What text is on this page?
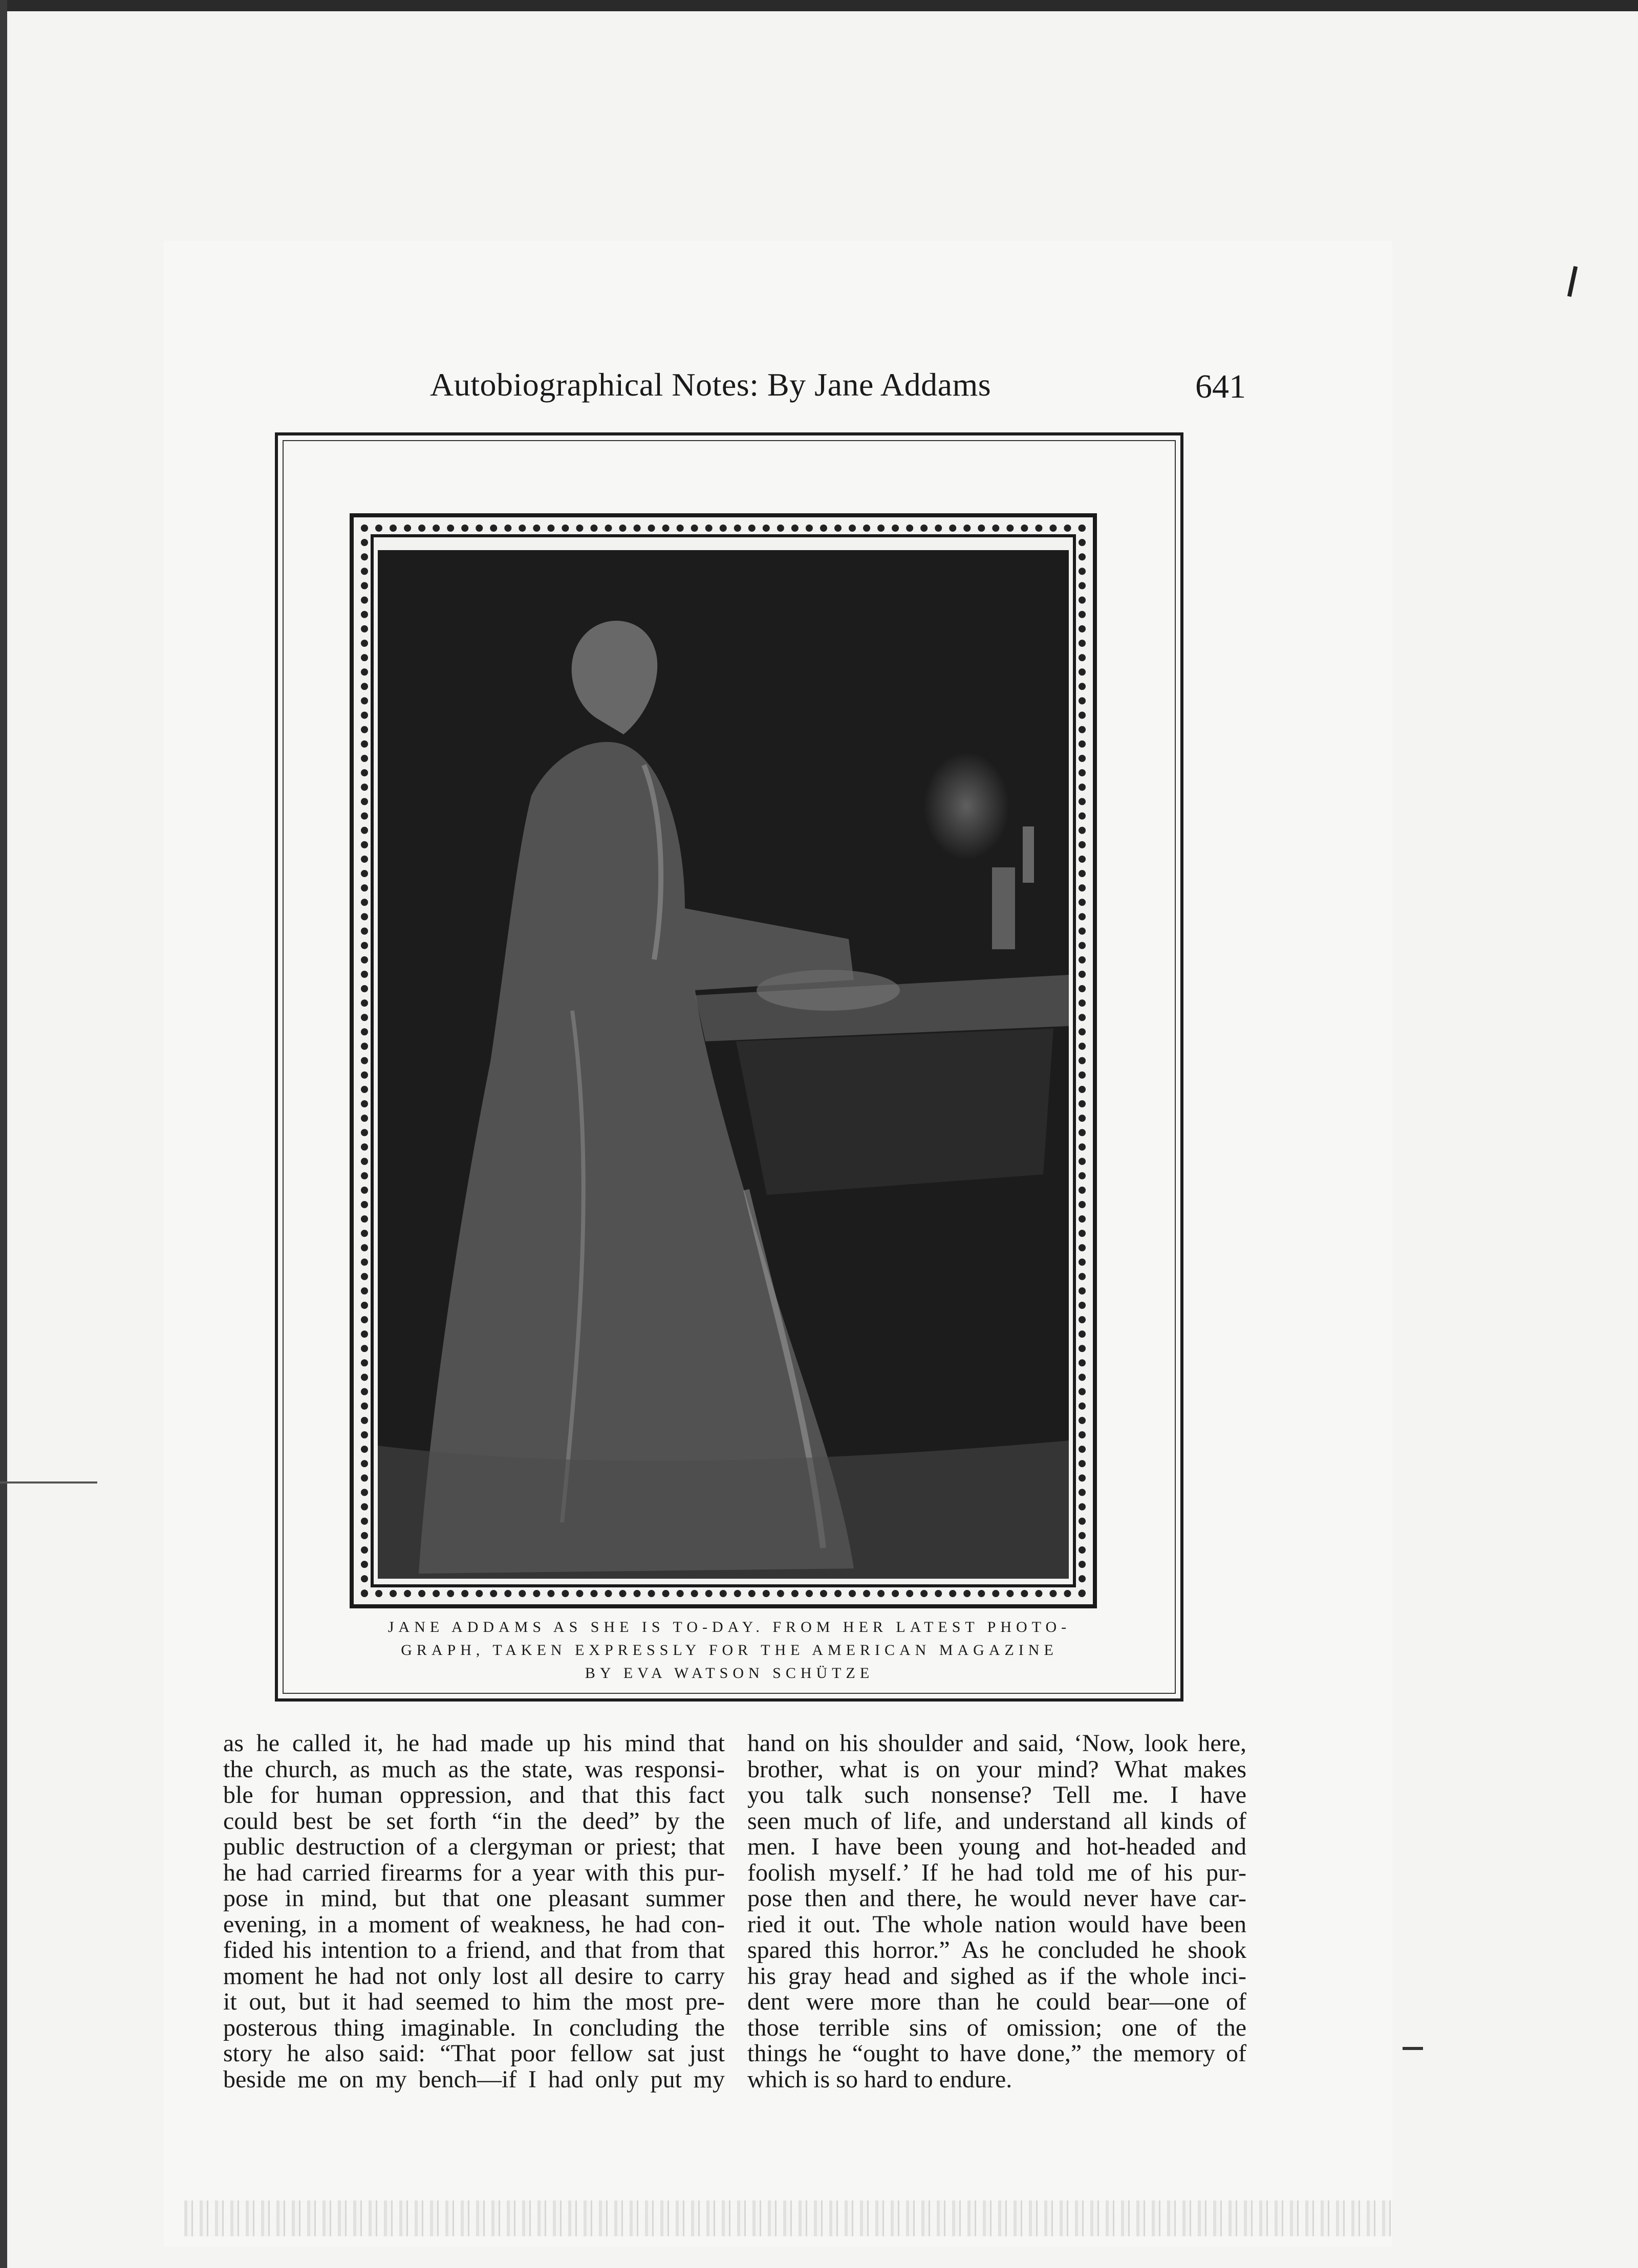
Autobiographical Notes: By Jane Addams	641
JANE ADDAMS AS SHE IS TO-DAY. FROM HER LATEST PHOTO-
GRAPH, TAKEN EXPRESSLY FOR THE AMERICAN MAGAZINE
BY EVA WATSON SCHÜTZE
as he called it, he had made up his mind that
the church, as much as the state, was responsi-
ble for human oppression, and that this fact
could best be set forth “in the deed” by the
public destruction of a clergyman or priest; that
he had carried firearms for a year with this pur-
pose in mind, but that one pleasant summer
evening, in a moment of weakness, he had con-
fided his intention to a friend, and that from that
moment he had not only lost all desire to carry
it out, but it had seemed to him the most pre-
posterous thing imaginable. In concluding the
story he also said: “That poor fellow sat just
beside me on my bench—if I had only put my
hand on his shoulder and said, ‘Now, look here,
brother, what is on your mind? What makes
you talk such nonsense? Tell me. I have
seen much of life, and understand all kinds of
men. I have been young and hot-headed and
foolish myself.’ If he had told me of his pur-
pose then and there, he would never have car-
ried it out. The whole nation would have been
spared this horror.” As he concluded he shook
his gray head and sighed as if the whole inci-
dent were more than he could bear—one of
those terrible sins of omission; one of the
things he “ought to have done,” the memory of
which is so hard to endure.
